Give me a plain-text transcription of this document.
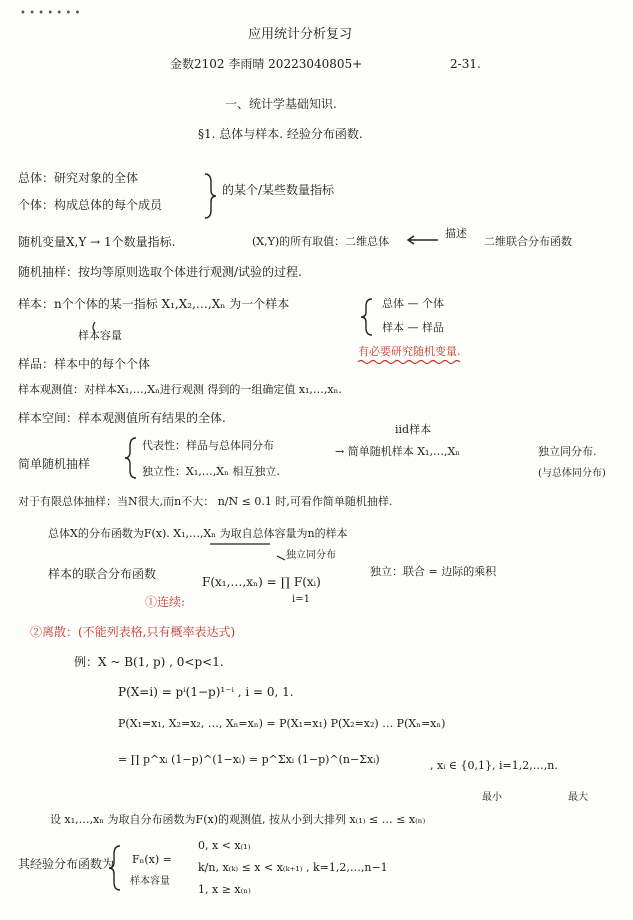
• • • • • • •
应用统计分析复习
金数2102 李雨晴 20223040805+	2-31.
一、统计学基础知识.
§1. 总体与样本. 经验分布函数.
总体：研究对象的全体
个体：构成总体的每个成员
的某个/某些数量指标
随机变量X,Y → 1个数量指标.	(X,Y)的所有取值：二维总体
描述
二维联合分布函数
随机抽样：按均等原则选取个体进行观测/试验的过程.
样本：n个个体的某一指标 X₁,X₂,…,Xₙ 为一个样本
样本容量
总体 — 个体
样本 — 样品
有必要研究随机变量.
样品：样本中的每个个体
样本观测值：对样本X₁,…,Xₙ进行观测 得到的一组确定值 x₁,…,xₙ.
样本空间：样本观测值所有结果的全体.
简单随机抽样
代表性：样品与总体同分布
独立性：X₁,…,Xₙ 相互独立.
iid样本
→ 简单随机样本 X₁,…,Xₙ	独立同分布.
(与总体同分布)
对于有限总体抽样：当N很大,而n不大： n/N ≤ 0.1 时,可看作简单随机抽样.
总体X的分布函数为F(x). X₁,…,Xₙ 为取自总体容量为n的样本
独立同分布
样本的联合分布函数
F(x₁,…,xₙ) = ∏ F(xᵢ)
i=1
独立：联合 = 边际的乘积
①连续:
②离散：(不能列表格,只有概率表达式)
例：X ~ B(1, p) , 0<p<1.
P(X=i) = pⁱ(1−p)¹⁻ⁱ , i = 0, 1.
P(X₁=x₁, X₂=x₂, …, Xₙ=xₙ) = P(X₁=x₁) P(X₂=x₂) … P(Xₙ=xₙ)
= ∏ p^xᵢ (1−p)^(1−xᵢ) = p^Σxᵢ (1−p)^(n−Σxᵢ)	, xᵢ ∈ {0,1}, i=1,2,…,n.
最小	最大
设 x₁,…,xₙ 为取自分布函数为F(x)的观测值, 按从小到大排列 x₍₁₎ ≤ … ≤ x₍ₙ₎
其经验分布函数为 Fₙ(x) =
样本容量
0, x < x₍₁₎
k/n, x₍ₖ₎ ≤ x < x₍ₖ₊₁₎ , k=1,2,…,n−1
1, x ≥ x₍ₙ₎
